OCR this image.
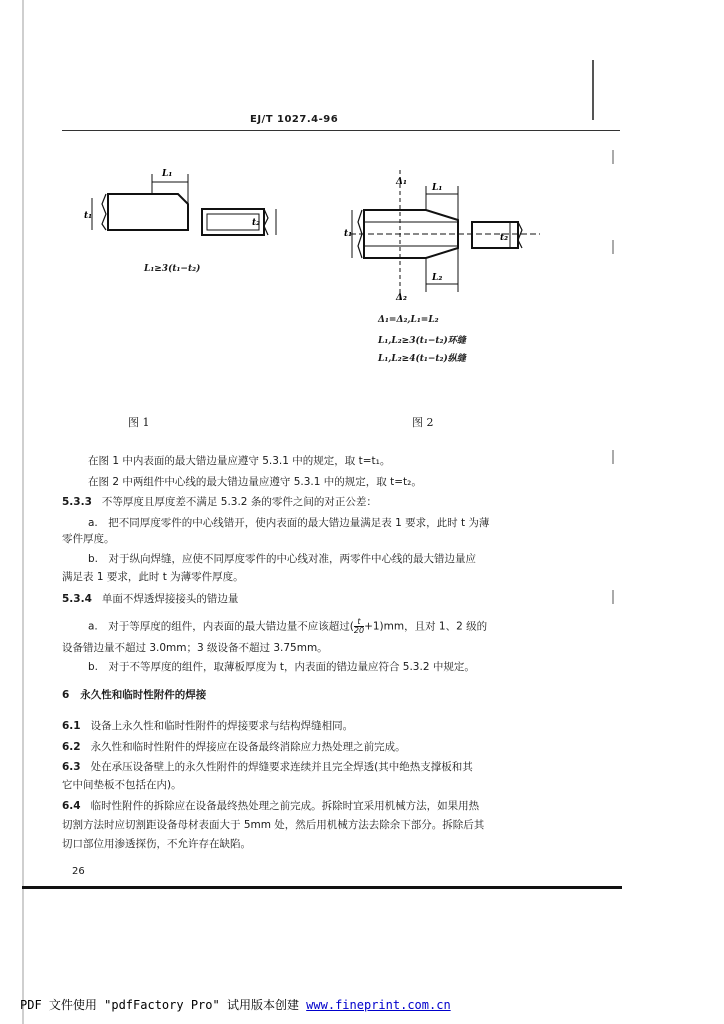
EJ/T 1027.4-96
L₁
t₁
t₂
L₁≥3(t₁−t₂)
Δ₁
Δ₂
L₁
L₂
t₁	t₂
Δ₁=Δ₂,L₁=L₂
L₁,L₂≥3(t₁−t₂)环缝
L₁,L₂≥4(t₁−t₂)纵缝
图 1	图 2
在图 1 中内表面的最大错边量应遵守 5.3.1 中的规定，取 t=t₁。
在图 2 中两组件中心线的最大错边量应遵守 5.3.1 中的规定，取 t=t₂。
5.3.3 不等厚度且厚度差不满足 5.3.2 条的零件之间的对正公差：
a.　把不同厚度零件的中心线错开，使内表面的最大错边量满足表 1 要求，此时 t 为薄
零件厚度。
b.　对于纵向焊缝，应使不同厚度零件的中心线对准，两零件中心线的最大错边量应
满足表 1 要求，此时 t 为薄零件厚度。
5.3.4 单面不焊透焊接接头的错边量
a.　对于等厚度的组件，内表面的最大错边量不应该超过( $\frac{t}{20} +1)mm$，且对 1、2 级的
设备错边量不超过 3.0mm；3 级设备不超过 3.75mm。
b.　对于不等厚度的组件，取薄板厚度为 t，内表面的错边量应符合 5.3.2 中规定。
6 永久性和临时性附件的焊接
6.1 设备上永久性和临时性附件的焊接要求与结构焊缝相同。
6.2 永久性和临时性附件的焊接应在设备最终消除应力热处理之前完成。
6.3 处在承压设备壁上的永久性附件的焊缝要求连续并且完全焊透(其中绝热支撑板和其
它中间垫板不包括在内)。
6.4 临时性附件的拆除应在设备最终热处理之前完成。拆除时宜采用机械方法，如果用热
切割方法时应切割距设备母材表面大于 5mm 处，然后用机械方法去除余下部分。拆除后其
切口部位用渗透探伤，不允许存在缺陷。
26
PDF 文件使用 "pdfFactory Pro" 试用版本创建 www.fineprint.com.cn
